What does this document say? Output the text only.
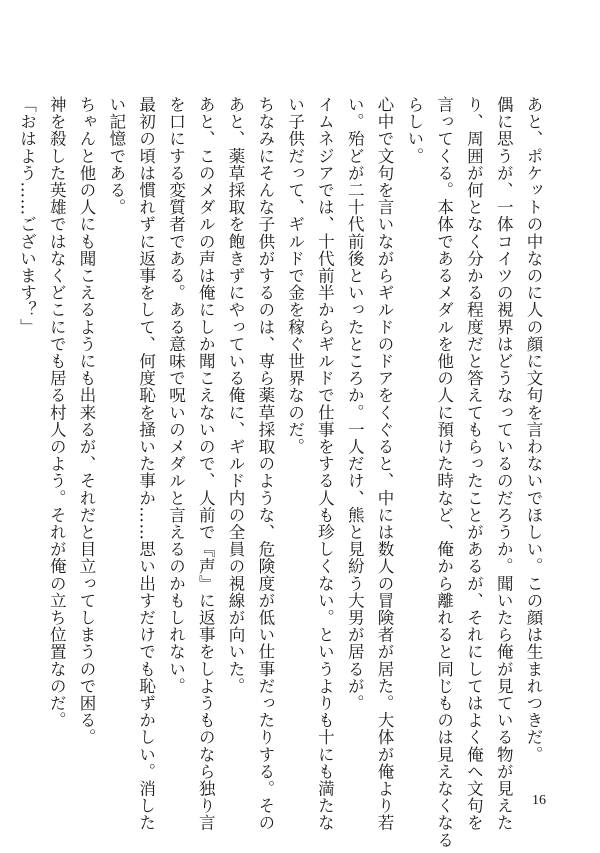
あと、ポケットの中なのに人の顔に文句を言わないでほしい。この顔は生まれつきだ。
偶に思うが、一体コイツの視界はどうなっているのだろうか。聞いたら俺が見ている物が見えた
り、周囲が何となく分かる程度だと答えてもらったことがあるが、それにしてはよく俺へ文句を
言ってくる。本体であるメダルを他の人に預けた時など、俺から離れると同じものは見えなくなる
らしい。
心中で文句を言いながらギルドのドアをくぐると、中には数人の冒険者が居た。大体が俺より若
い。殆どが二十代前後といったところか。一人だけ、熊と見紛う大男が居るが。
イムネジアでは、十代前半からギルドで仕事をする人も珍しくない。というよりも十にも満たな
い子供だって、ギルドで金を稼ぐ世界なのだ。
ちなみにそんな子供がするのは、専ら薬草採取のような、危険度が低い仕事だったりする。その
あと、薬草採取を飽きずにやっている俺に、ギルド内の全員の視線が向いた。
あと、このメダルの声は俺にしか聞こえないので、人前で『声』に返事をしようものなら独り言
を口にする変質者である。ある意味で呪いのメダルと言えるのかもしれない。
最初の頃は慣れずに返事をして、何度恥を掻いた事か……思い出すだけでも恥ずかしい。消した
い記憶である。
ちゃんと他の人にも聞こえるようにも出来るが、それだと目立ってしまうので困る。
神を殺した英雄ではなくどこにでも居る村人のよう。それが俺の立ち位置なのだ。
「おはよう……ございます？」
16
